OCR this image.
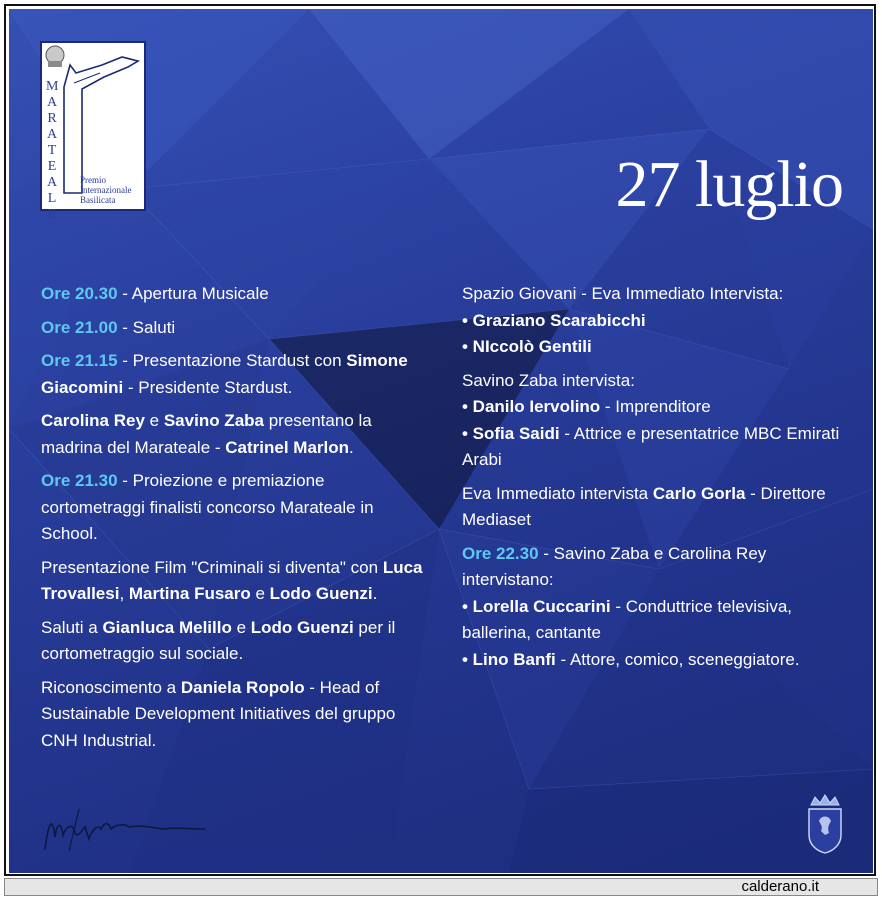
M
A
R
A
T
E
A
L
E
Premio
Internazionale
Basilicata	27 luglio

Ore 20.30 - Apertura Musicale

Ore 21.00 - Saluti

Ore 21.15 - Presentazione Stardust con Simone Giacomini - Presidente Stardust.

Carolina Rey e Savino Zaba presentano la madrina del Marateale - Catrinel Marlon.

Ore 21.30 - Proiezione e premiazione cortometraggi finalisti concorso Marateale in School.

Presentazione Film "Criminali si diventa" con Luca Trovallesi, Martina Fusaro e Lodo Guenzi.

Saluti a Gianluca Melillo e Lodo Guenzi per il cortometraggio sul sociale.

Riconoscimento a Daniela Ropolo - Head of Sustainable Development Initiatives del gruppo CNH Industrial.

Spazio Giovani - Eva Immediato Intervista:
• Graziano Scarabicchi
• NIccolò Gentili

Savino Zaba intervista:
• Danilo Iervolino - Imprenditore
• Sofia Saidi - Attrice e presentatrice MBC Emirati Arabi

Eva Immediato intervista Carlo Gorla - Direttore Mediaset

Ore 22.30 - Savino Zaba e Carolina Rey intervistano:
• Lorella Cuccarini - Conduttrice televisiva, ballerina, cantante
• Lino Banfi - Attore, comico, sceneggiatore.

calderano.it
